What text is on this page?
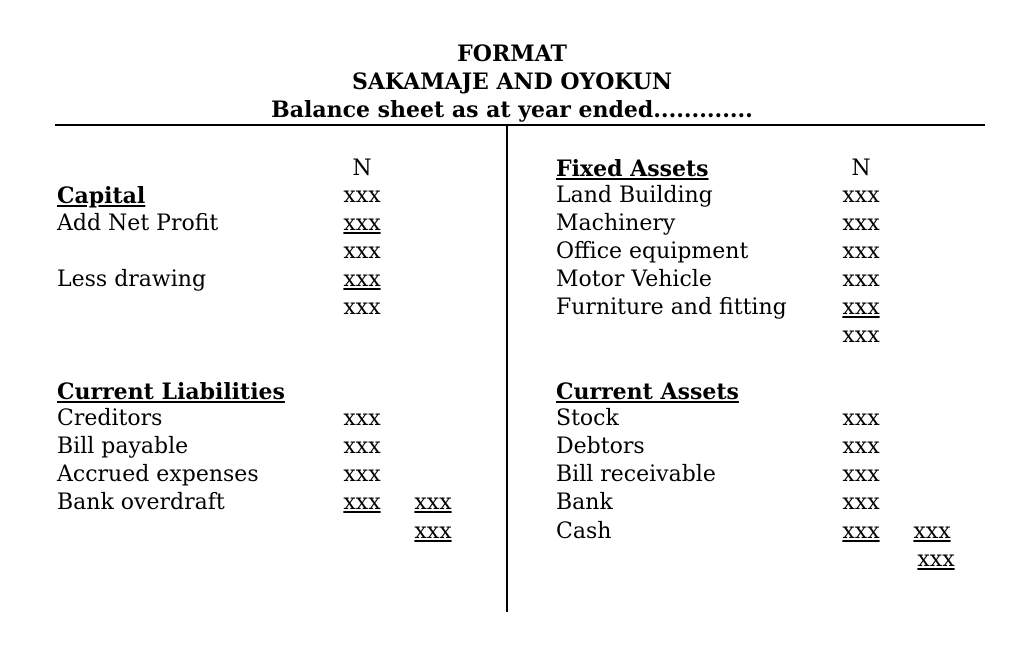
FORMAT
SAKAMAJE AND OYOKUN
Balance sheet as at year ended.............
N
Capital	xxx
Add Net Profit	xxx
xxx
Less drawing	xxx
xxx
Current Liabilities
Creditors	xxx
Bill payable	xxx
Accrued expenses	xxx
Bank overdraft	xxx xxx
xxx
Fixed Assets	N
Land Building	xxx
Machinery	xxx
Office equipment	xxx
Motor Vehicle	xxx
Furniture and fitting	xxx
xxx
Current Assets
Stock	xxx
Debtors	xxx
Bill receivable	xxx
Bank	xxx
Cash	xxx xxx
xxx
